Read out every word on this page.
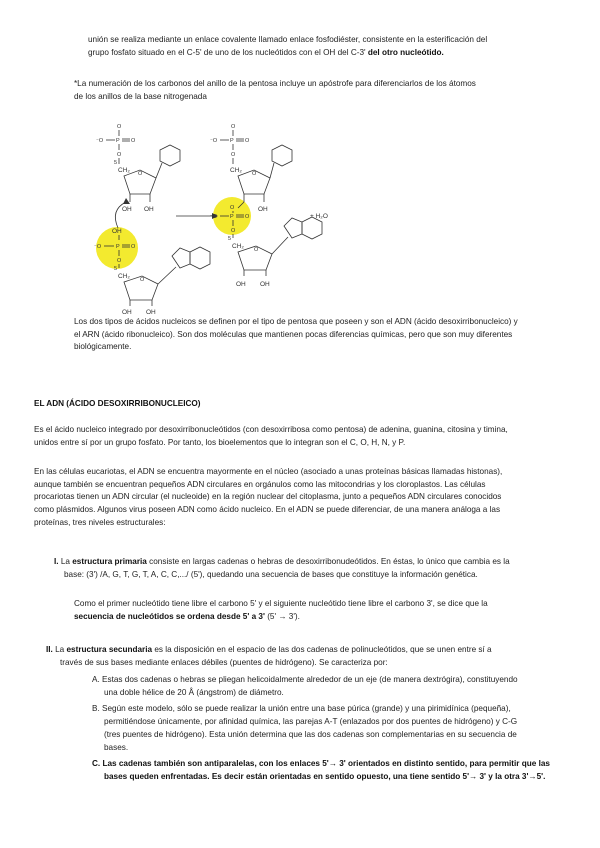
unión se realiza mediante un enlace covalente llamado enlace fosfodiéster, consistente en la esterificación del
grupo fosfato situado en el C-5' de uno de los nucleótidos con el OH del C-3' del otro nucleótido.
*La numeración de los carbonos del anillo de la pentosa incluye un apóstrofe para diferenciarlos de los átomos
de los anillos de la base nitrogenada
O
⁻O P O
O
5
CH₂ O
OH OH
OH
⁻O	P O
O
5
CH₂ O
OH OH
O
⁻O P O
O
CH₂ O
OH
O
⁻O P O
O
5
CH₂ O
OH OH
+ H₂O
Los dos tipos de ácidos nucleicos se definen por el tipo de pentosa que poseen y son el ADN (ácido desoxirribonucleico) y
el ARN (ácido ribonucleico). Son dos moléculas que mantienen pocas diferencias químicas, pero que son muy diferentes
biológicamente.
EL ADN (ÁCIDO DESOXIRRIBONUCLEICO)
Es el ácido nucleico integrado por desoxirribonucleótidos (con desoxirribosa como pentosa) de adenina, guanina, citosina y timina,
unidos entre sí por un grupo fosfato. Por tanto, los bioelementos que lo integran son el C, O, H, N, y P.
En las células eucariotas, el ADN se encuentra mayormente en el núcleo (asociado a unas proteínas básicas llamadas histonas),
aunque también se encuentran pequeños ADN circulares en orgánulos como las mitocondrias y los cloroplastos. Las células
procariotas tienen un ADN circular (el nucleoide) en la región nuclear del citoplasma, junto a pequeños ADN circulares conocidos
como plásmidos. Algunos virus poseen ADN como ácido nucleico. En el ADN se puede diferenciar, de una manera análoga a las
proteínas, tres niveles estructurales:
I. La estructura primaria consiste en largas cadenas o hebras de desoxirribonudeótidos. En éstas, lo único que cambia es la
base: (3') /A, G, T, G, T, A, C, C,.../ (5'), quedando una secuencia de bases que constituye la información genética.
Como el primer nucleótido tiene libre el carbono 5' y el siguiente nucleótido tiene libre el carbono 3', se dice que la
secuencia de nucleótidos se ordena desde 5' a 3' (5' → 3').
II. La estructura secundaria es la disposición en el espacio de las dos cadenas de polinucleótidos, que se unen entre sí a
través de sus bases mediante enlaces débiles (puentes de hidrógeno). Se caracteriza por:
A. Estas dos cadenas o hebras se pliegan helicoidalmente alrededor de un eje (de manera dextrógira), constituyendo
una doble hélice de 20 Å (ángstrom) de diámetro.
B. Según este modelo, sólo se puede realizar la unión entre una base púrica (grande) y una pirimidínica (pequeña),
permitiéndose únicamente, por afinidad química, las parejas A-T (enlazados por dos puentes de hidrógeno) y C-G
(tres puentes de hidrógeno). Esta unión determina que las dos cadenas son complementarias en su secuencia de
bases.
C. Las cadenas también son antiparalelas, con los enlaces 5'→ 3' orientados en distinto sentido, para permitir que las
bases queden enfrentadas. Es decir están orientadas en sentido opuesto, una tiene sentido 5'→ 3' y la otra 3'→5'.
